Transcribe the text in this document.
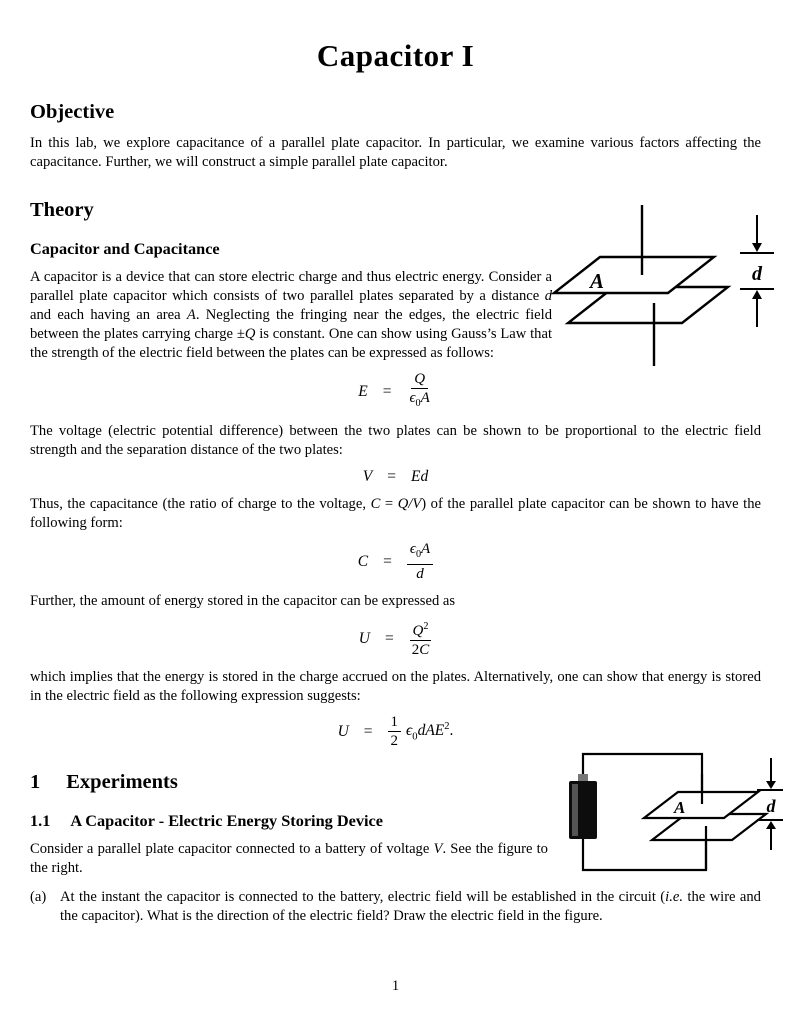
Capacitor I
Objective

In this lab, we explore capacitance of a parallel plate capacitor. In particular, we examine various factors affecting the capacitance. Further, we will construct a simple parallel plate capacitor.

Theory
Capacitor and Capacitance

A capacitor is a device that can store electric charge and thus electric energy. Consider a parallel plate capacitor which consists of two parallel plates separated by a distance d and each having an area A. Neglecting the fringing near the edges, the electric field between the plates carrying charge ±Q is constant. One can show using Gauss’s Law that the strength of the electric field between the plates can be expressed as follows:

$E = \frac{Q}{\epsilon_0A}$

The voltage (electric potential difference) between the two plates can be shown to be proportional to the electric field strength and the separation distance of the two plates:

V = Ed

Thus, the capacitance (the ratio of charge to the voltage, C = Q/V) of the parallel plate capacitor can be shown to have the following form:

$C = \frac{\epsilon_0A}{d}$

Further, the amount of energy stored in the capacitor can be expressed as

$U = \frac{Q^2}{2C}$

which implies that the energy is stored in the charge accrued on the plates. Alternatively, one can show that energy is stored in the electric field as the following expression suggests:

$U = \frac{1}{2} \epsilon_0dAE^2$.
1 Experiments
1.1 A Capacitor - Electric Energy Storing Device

Consider a parallel plate capacitor connected to a battery of voltage V. See the figure to the right.

(a) At the instant the capacitor is connected to the battery, electric field will be established in the circuit (i.e. the wire and the capacitor). What is the direction of the electric field? Draw the electric field in the figure.
A	d
A	d
1
